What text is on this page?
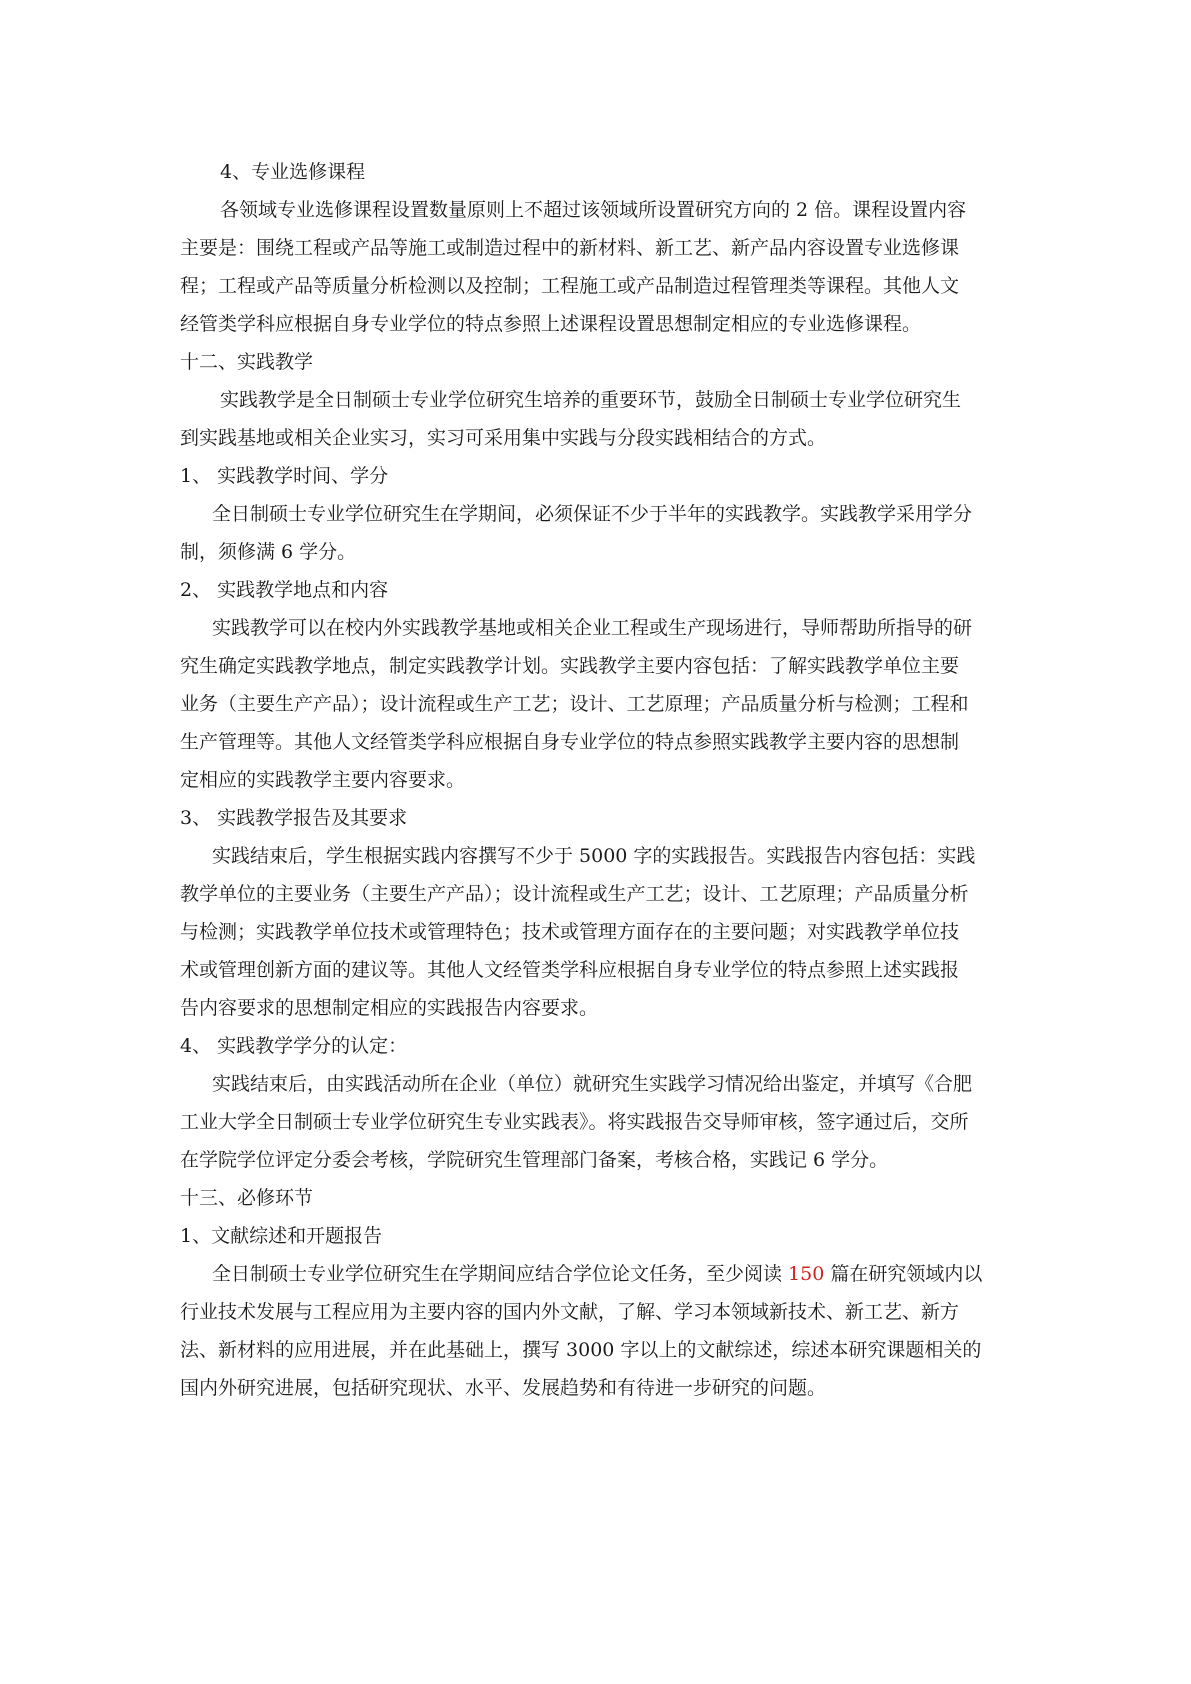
4、专业选修课程
各领域专业选修课程设置数量原则上不超过该领域所设置研究方向的 2 倍。课程设置内容
主要是：围绕工程或产品等施工或制造过程中的新材料、新工艺、新产品内容设置专业选修课
程；工程或产品等质量分析检测以及控制；工程施工或产品制造过程管理类等课程。其他人文
经管类学科应根据自身专业学位的特点参照上述课程设置思想制定相应的专业选修课程。
十二、实践教学
实践教学是全日制硕士专业学位研究生培养的重要环节，鼓励全日制硕士专业学位研究生
到实践基地或相关企业实习，实习可采用集中实践与分段实践相结合的方式。
1、 实践教学时间、学分
全日制硕士专业学位研究生在学期间，必须保证不少于半年的实践教学。实践教学采用学分
制，须修满 6 学分。
2、 实践教学地点和内容
实践教学可以在校内外实践教学基地或相关企业工程或生产现场进行，导师帮助所指导的研
究生确定实践教学地点，制定实践教学计划。实践教学主要内容包括：了解实践教学单位主要
业务（主要生产产品）；设计流程或生产工艺；设计、工艺原理；产品质量分析与检测；工程和
生产管理等。其他人文经管类学科应根据自身专业学位的特点参照实践教学主要内容的思想制
定相应的实践教学主要内容要求。
3、 实践教学报告及其要求
实践结束后，学生根据实践内容撰写不少于 5000 字的实践报告。实践报告内容包括：实践
教学单位的主要业务（主要生产产品）；设计流程或生产工艺；设计、工艺原理；产品质量分析
与检测；实践教学单位技术或管理特色；技术或管理方面存在的主要问题；对实践教学单位技
术或管理创新方面的建议等。其他人文经管类学科应根据自身专业学位的特点参照上述实践报
告内容要求的思想制定相应的实践报告内容要求。
4、 实践教学学分的认定：
实践结束后，由实践活动所在企业（单位）就研究生实践学习情况给出鉴定，并填写《合肥
工业大学全日制硕士专业学位研究生专业实践表》。将实践报告交导师审核，签字通过后，交所
在学院学位评定分委会考核，学院研究生管理部门备案，考核合格，实践记 6 学分。
十三、必修环节
1、文献综述和开题报告
全日制硕士专业学位研究生在学期间应结合学位论文任务，至少阅读 150 篇在研究领域内以
行业技术发展与工程应用为主要内容的国内外文献，了解、学习本领域新技术、新工艺、新方
法、新材料的应用进展，并在此基础上，撰写 3000 字以上的文献综述，综述本研究课题相关的
国内外研究进展，包括研究现状、水平、发展趋势和有待进一步研究的问题。
